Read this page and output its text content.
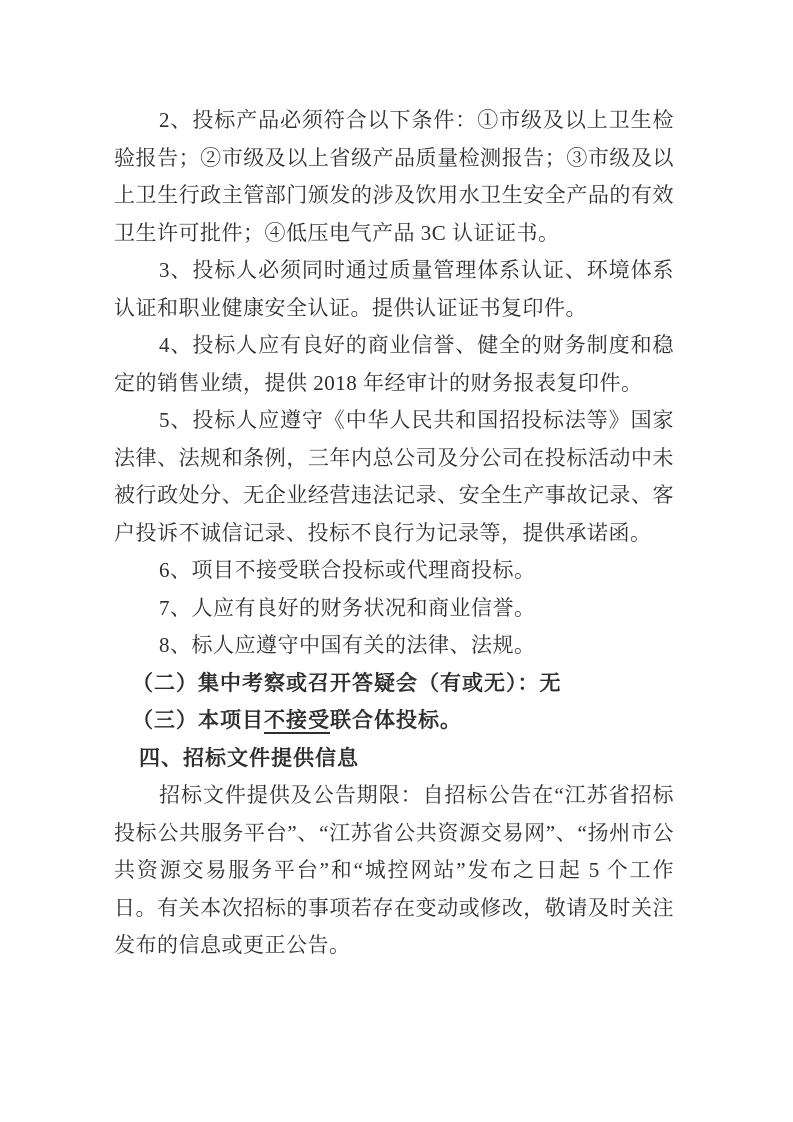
2、投标产品必须符合以下条件：①市级及以上卫生检验报告；②市级及以上省级产品质量检测报告；③市级及以上卫生行政主管部门颁发的涉及饮用水卫生安全产品的有效卫生许可批件；④低压电气产品 3C 认证证书。

3、投标人必须同时通过质量管理体系认证、环境体系认证和职业健康安全认证。提供认证证书复印件。

4、投标人应有良好的商业信誉、健全的财务制度和稳定的销售业绩，提供 2018 年经审计的财务报表复印件。

5、投标人应遵守《中华人民共和国招投标法等》国家法律、法规和条例，三年内总公司及分公司在投标活动中未被行政处分、无企业经营违法记录、安全生产事故记录、客户投诉不诚信记录、投标不良行为记录等，提供承诺函。

6、项目不接受联合投标或代理商投标。

7、人应有良好的财务状况和商业信誉。

8、标人应遵守中国有关的法律、法规。

（二）集中考察或召开答疑会（有或无）：无

（三）本项目不接受联合体投标。

四、招标文件提供信息

招标文件提供及公告期限：自招标公告在“江苏省招标投标公共服务平台”、“江苏省公共资源交易网”、“扬州市公共资源交易服务平台”和“城控网站”发布之日起 5 个工作日。有关本次招标的事项若存在变动或修改，敬请及时关注发布的信息或更正公告。
